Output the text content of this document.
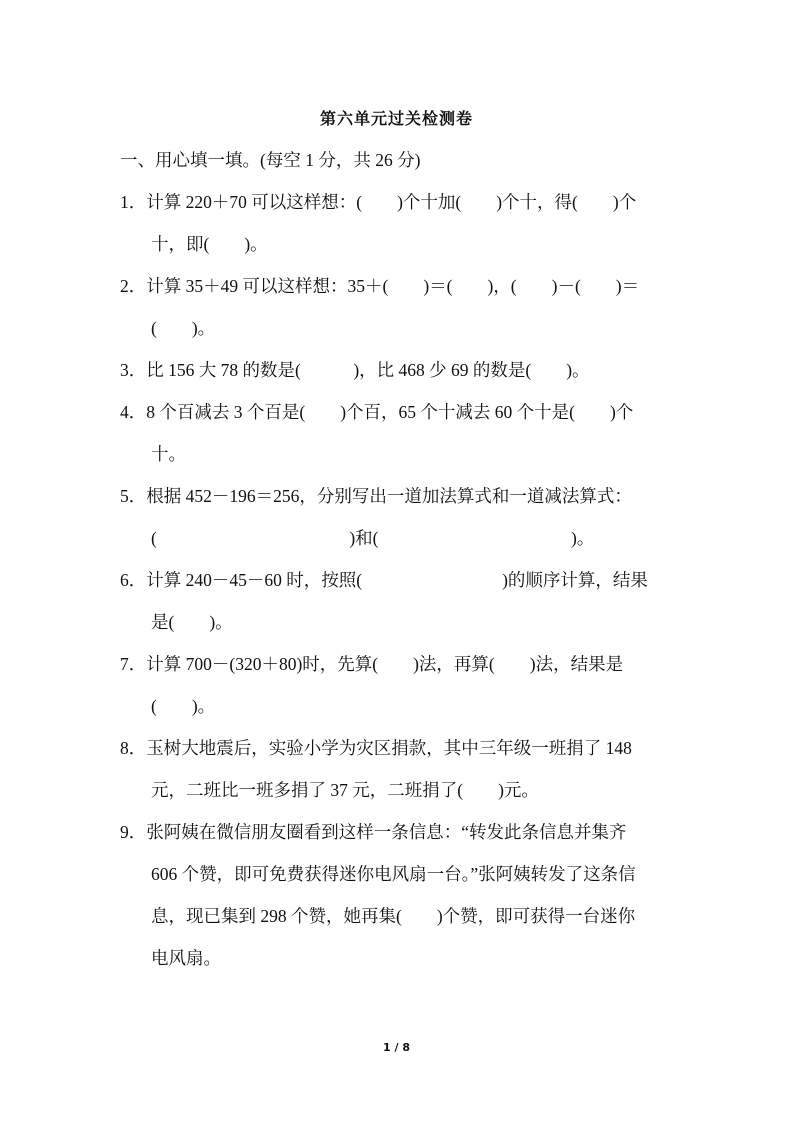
第六单元过关检测卷
一、用心填一填。(每空 1 分，共 26 分)
1．计算 220＋70 可以这样想：(　　)个十加(　　)个十，得(　　)个
十，即(　　)。
2．计算 35＋49 可以这样想：35＋(　　)＝(　　)，(　　)－(　　)＝
(　　)。
3．比 156 大 78 的数是(　　　)，比 468 少 69 的数是(　　)。
4．8 个百减去 3 个百是(　　)个百，65 个十减去 60 个十是(　　)个
十。
5．根据 452－196＝256，分别写出一道加法算式和一道减法算式：
(　　　　　　　　　　　)和(　　　　　　　　　　　)。
6．计算 240－45－60 时，按照(　　　　　　　　)的顺序计算，结果
是(　　)。
7．计算 700－(320＋80)时，先算(　　)法，再算(　　)法，结果是
(　　)。
8．玉树大地震后，实验小学为灾区捐款，其中三年级一班捐了 148
元，二班比一班多捐了 37 元，二班捐了(　　)元。
9．张阿姨在微信朋友圈看到这样一条信息：“转发此条信息并集齐
606 个赞，即可免费获得迷你电风扇一台。”张阿姨转发了这条信
息，现已集到 298 个赞，她再集(　　)个赞，即可获得一台迷你
电风扇。
1 / 8
